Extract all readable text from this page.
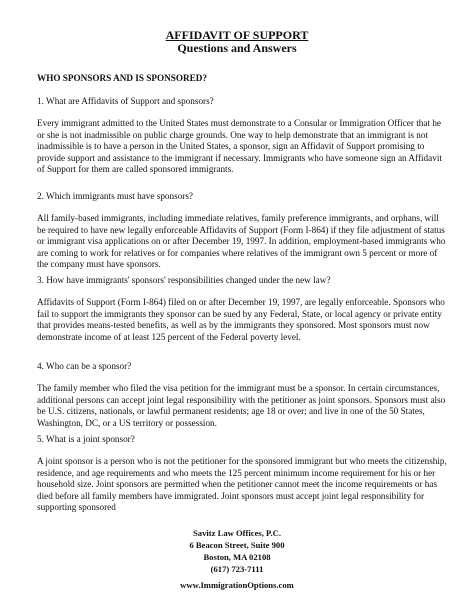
AFFIDAVIT OF SUPPORT

Questions and Answers

WHO SPONSORS AND IS SPONSORED?

1. What are Affidavits of Support and sponsors?

Every immigrant admitted to the United States must demonstrate to a Consular or Immigration Officer that he or she is not inadmissible on public charge grounds. One way to help demonstrate that an immigrant is not inadmissible is to have a person in the United States, a sponsor, sign an Affidavit of Support promising to provide support and assistance to the immigrant if necessary. Immigrants who have someone sign an Affidavit of Support for them are called sponsored immigrants.

2. Which immigrants must have sponsors?

All family-based immigrants, including immediate relatives, family preference immigrants, and orphans, will be required to have new legally enforceable Affidavits of Support (Form I-864) if they file adjustment of status or immigrant visa applications on or after December 19, 1997. In addition, employment-based immigrants who are coming to work for relatives or for companies where relatives of the immigrant own 5 percent or more of the company must have sponsors.

3. How have immigrants' sponsors' responsibilities changed under the new law?

Affidavits of Support (Form I-864) filed on or after December 19, 1997, are legally enforceable. Sponsors who fail to support the immigrants they sponsor can be sued by any Federal, State, or local agency or private entity that provides means-tested benefits, as well as by the immigrants they sponsored. Most sponsors must now demonstrate income of at least 125 percent of the Federal poverty level.

4. Who can be a sponsor?

The family member who filed the visa petition for the immigrant must be a sponsor. In certain circumstances, additional persons can accept joint legal responsibility with the petitioner as joint sponsors. Sponsors must also be U.S. citizens, nationals, or lawful permanent residents; age 18 or over; and live in one of the 50 States, Washington, DC, or a US territory or possession.

5. What is a joint sponsor?

A joint sponsor is a person who is not the petitioner for the sponsored immigrant but who meets the citizenship, residence, and age requirements and who meets the 125 percent minimum income requirement for his or her household size. Joint sponsors are permitted when the petitioner cannot meet the income requirements or has died before all family members have immigrated. Joint sponsors must accept joint legal responsibility for supporting sponsored

Savitz Law Offices, P.C.

6 Beacon Street, Suite 900

Boston, MA 02108

(617) 723-7111

www.ImmigrationOptions.com
